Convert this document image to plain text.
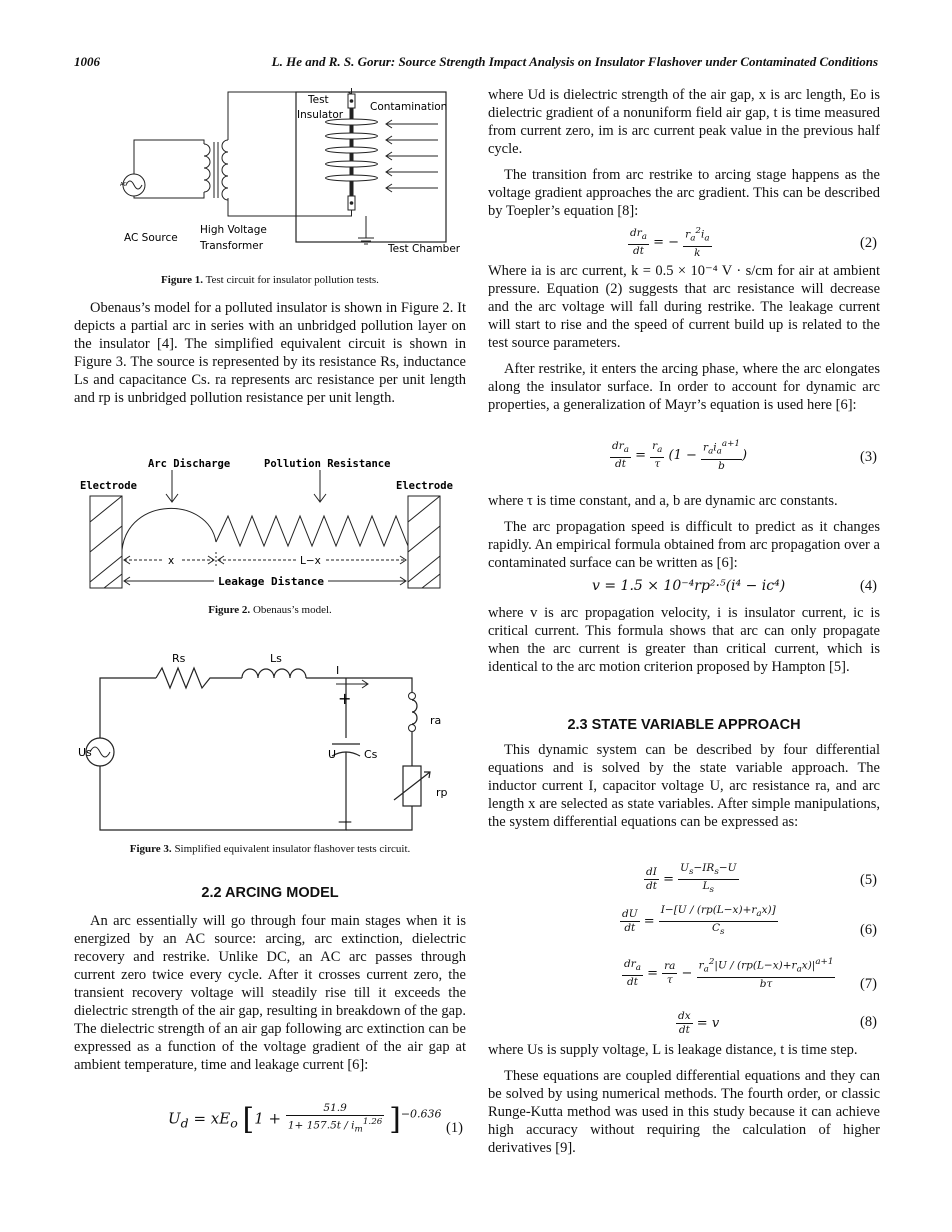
1006	L. He and R. S. Gorur: Source Strength Impact Analysis on Insulator Flashover under Contaminated Conditions
AC
Test
Insulator
Contamination
AC Source
High Voltage
Transformer	Test Chamber
Figure 1. Test circuit for insulator pollution tests.

Obenaus’s model for a polluted insulator is shown in Figure 2. It depicts a partial arc in series with an unbridged pollution layer on the insulator [4]. The simplified equivalent circuit is shown in Figure 3. The source is represented by its resistance Rs, inductance Ls and capacitance Cs. ra represents arc resistance per unit length and rp is unbridged pollution resistance per unit length.

Arc Discharge	Pollution Resistance
Electrode	Electrode
x	L−x
Leakage Distance
Figure 2. Obenaus’s model.
Rs	Ls
I
+
—
ra
Us	U	Cs
rp
Figure 3. Simplified equivalent insulator flashover tests circuit.
2.2 ARCING MODEL

An arc essentially will go through four main stages when it is energized by an AC source: arcing, arc extinction, dielectric recovery and restrike. Unlike DC, an AC arc passes through current zero twice every cycle. After it crosses current zero, the transient recovery voltage will steadily rise till it exceeds the dielectric strength of the air gap, resulting in breakdown of the gap. The dielectric strength of an air gap following arc extinction can be expressed as a function of the voltage gradient of the air gap at ambient temperature, time and leakage current [6]:

$U_d = xE_o$ $[1 + \frac{51.9}{1+ 157.5t / i_m^{1.26}} ]^{-0.636}$
(1)

where Ud is dielectric strength of the air gap, x is arc length, Eo is dielectric gradient of a nonuniform field air gap, t is time measured from current zero, im is arc current peak value in the previous half cycle.

The transition from arc restrike to arcing stage happens as the voltage gradient approaches the arc gradient. This can be described by Toepler’s equation [8]:

$\frac{dr_a}{dt}$ = − $\frac{r_a^2i_a}{k}$	(2)

Where ia is arc current, k = 0.5 × 10⁻⁴ V · s/cm for air at ambient pressure. Equation (2) suggests that arc resistance will decrease and the arc voltage will fall during restrike. The leakage current will start to rise and the speed of current build up is related to the test source parameters.

After restrike, it enters the arcing phase, where the arc elongates along the insulator surface. In order to account for dynamic arc properties, a generalization of Mayr’s equation is used here [6]:

$\frac{dr_a}{dt} = \frac{r_a}{\tau} (1 - \frac{r_ai_a^{a+1}}{b}$ )	(3)

where τ is time constant, and a, b are dynamic arc constants.

The arc propagation speed is difficult to predict as it changes rapidly. An empirical formula obtained from arc propagation over a contaminated surface can be written as [6]:

v = 1.5 × 10⁻⁴rp²·⁵(i⁴ − ic⁴)	(4)

where v is arc propagation velocity, i is insulator current, ic is critical current. This formula shows that arc can only propagate when the arc current is greater than critical current, which is identical to the arc motion criterion proposed by Hampton [5].

2.3 STATE VARIABLE APPROACH

This dynamic system can be described by four differential equations and is solved by the state variable approach. The inductor current I, capacitor voltage U, arc resistance ra, and arc length x are selected as state variables. After simple manipulations, the system differential equations can be expressed as:

$\frac{dI}{dt} = \frac{U_s-IR_s-U}{L_s}$	(5)
$\frac{dU}{dt} = \frac{I-[U / (rp(L-x)+r_ax)]}{C_s}$	(6)
$\frac{dr_a}{dt} = \frac{ra}{\tau} - \frac{r_a^2|U / (rp(L-x)+r_ax)|^{a+1}}{b\tau} (7)$
$\frac{dx}{dt} = v$	(8)

where Us is supply voltage, L is leakage distance, t is time step.

These equations are coupled differential equations and they can be solved by using numerical methods. The fourth order, or classic Runge-Kutta method was used in this study because it can achieve high accuracy without requiring the calculation of higher derivatives [9].
